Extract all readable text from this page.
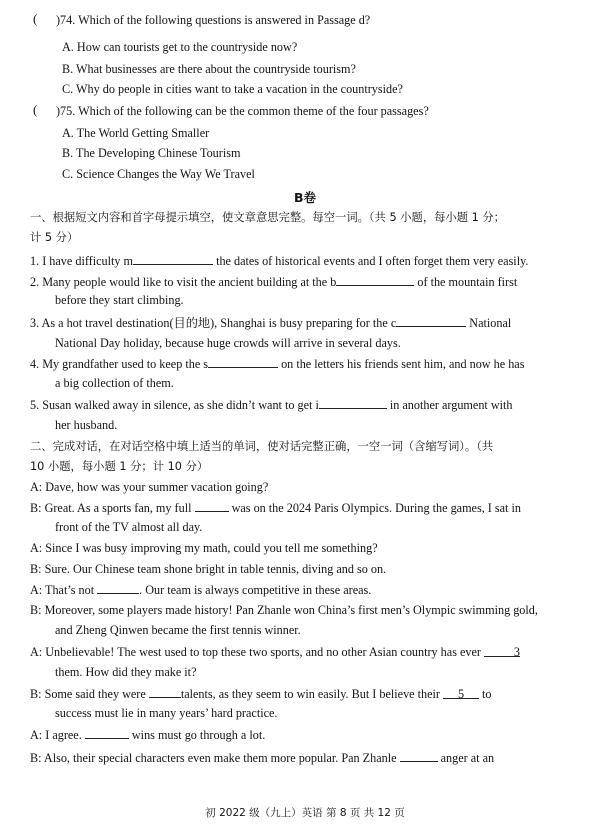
( )74. Which of the following questions is answered in Passage d?
A. How can tourists get to the countryside now?
B. What businesses are there about the countryside tourism?
C. Why do people in cities want to take a vacation in the countryside?
( )75. Which of the following can be the common theme of the four passages?
A. The World Getting Smaller
B. The Developing Chinese Tourism
C. Science Changes the Way We Travel
B卷
一、根据短文内容和首字母提示填空，使文章意思完整。每空一词。（共 5 小题，每小题 1 分；
计 5 分）
1. I have difficulty m	the dates of historical events and I often forget them very easily.
2. Many people would like to visit the ancient building at the b	of the mountain first
before they start climbing.
3. As a hot travel destination(目的地), Shanghai is busy preparing for the c	National
National Day holiday, because huge crowds will arrive in several days.
4. My grandfather used to keep the s	on the letters his friends sent him, and now he has
a big collection of them.
5. Susan walked away in silence, as she didn’t want to get i	in another argument with
her husband.
二、完成对话，在对话空格中填上适当的单词，使对话完整正确，一空一词（含缩写词）。（共
10 小题，每小题 1 分；计 10 分）
A: Dave, how was your summer vacation going?
B: Great. As a sports fan, my full	was on the 2024 Paris Olympics. During the games, I sat in
front of the TV almost all day.
A: Since I was busy improving my math, could you tell me something?
B: Sure. Our Chinese team shone bright in table tennis, diving and so on.
A: That’s not	. Our team is always competitive in these areas.
B: Moreover, some players made history! Pan Zhanle won China’s first men’s Olympic swimming gold,
and Zheng Qinwen became the first tennis winner.
A: Unbelievable! The west used to top these two sports, and no other Asian country has ever	3
them. How did they make it?
B: Some said they were	talents, as they seem to win easily. But I believe their 5 to
success must lie in many years’ hard practice.
A: I agree.	wins must go through a lot.
B: Also, their special characters even make them more popular. Pan Zhanle	anger at an
初 2022 级（九上）英语 第 8 页 共 12 页
